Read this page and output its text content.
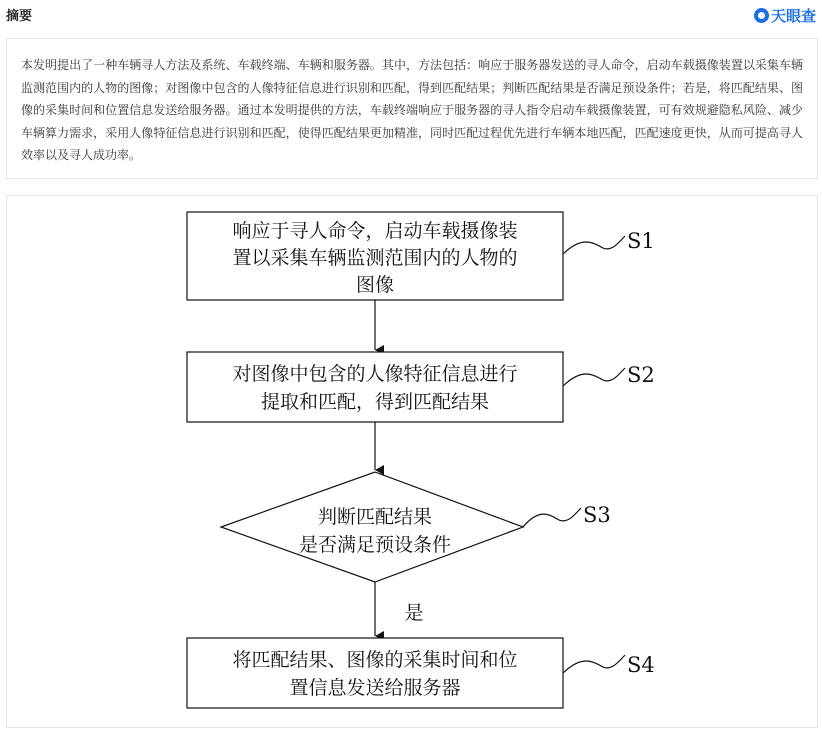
摘要	天眼查
本发明提出了一种车辆寻人方法及系统、车载终端、车辆和服务器。其中，方法包括：响应于服务器发送的寻人命令，启动车载摄像装置以采集车辆监测范围内的人物的图像；对图像中包含的人像特征信息进行识别和匹配，得到匹配结果；判断匹配结果是否满足预设条件；若是，将匹配结果、图像的采集时间和位置信息发送给服务器。通过本发明提供的方法，车载终端响应于服务器的寻人指令启动车载摄像装置，可有效规避隐私风险、减少车辆算力需求，采用人像特征信息进行识别和匹配，使得匹配结果更加精准，同时匹配过程优先进行车辆本地匹配，匹配速度更快，从而可提高寻人效率以及寻人成功率。
响应于寻人命令，启动车载摄像装
置以采集车辆监测范围内的人物的
图像
S1
对图像中包含的人像特征信息进行
提取和匹配，得到匹配结果
S2
判断匹配结果
是否满足预设条件
S3
是
将匹配结果、图像的采集时间和位
置信息发送给服务器
S4
